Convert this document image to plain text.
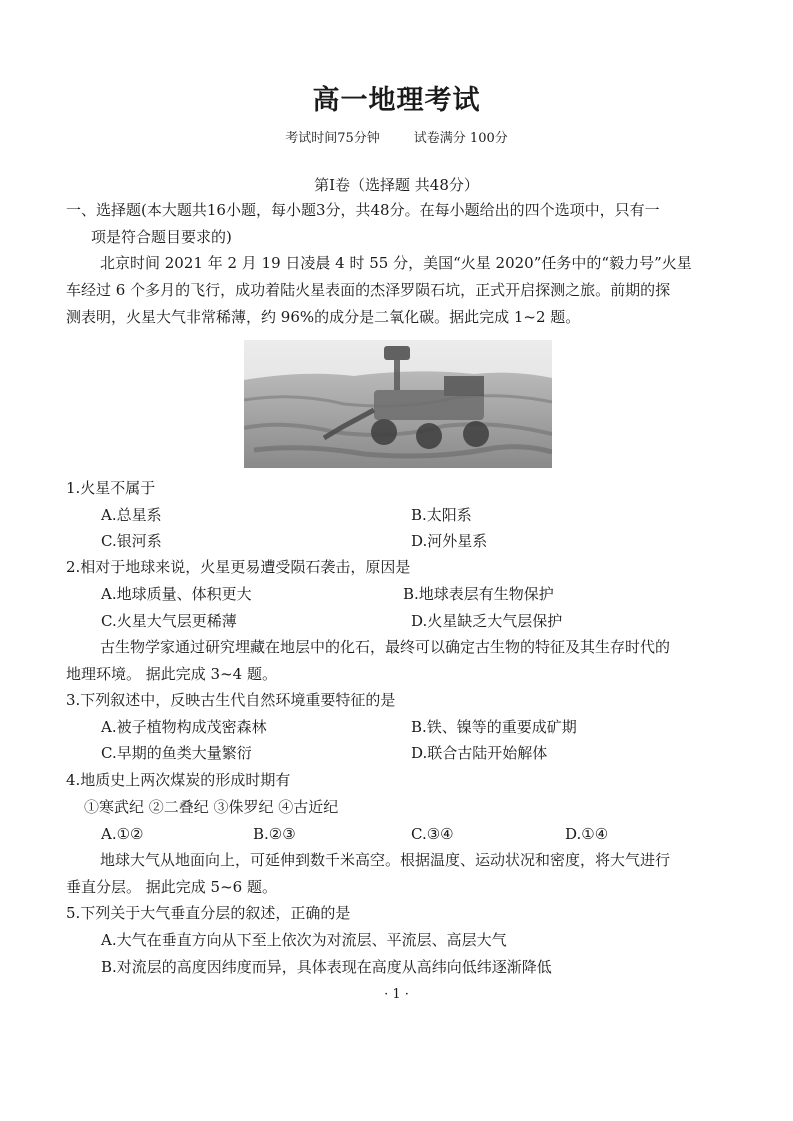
高一地理考试
考试时间75分钟	试卷满分 100分
第Ⅰ卷（选择题 共48分）
一、选择题(本大题共16小题，每小题3分，共48分。在每小题给出的四个选项中，只有一
项是符合题目要求的)
北京时间 2021 年 2 月 19 日凌晨 4 时 55 分，美国“火星 2020”任务中的“毅力号”火星
车经过 6 个多月的飞行，成功着陆火星表面的杰泽罗陨石坑，正式开启探测之旅。前期的探
测表明，火星大气非常稀薄，约 96%的成分是二氧化碳。据此完成 1~2 题。
1.火星不属于
A.总星系	B.太阳系
C.银河系	D.河外星系
2.相对于地球来说，火星更易遭受陨石袭击，原因是
A.地球质量、体积更大	B.地球表层有生物保护
C.火星大气层更稀薄	D.火星缺乏大气层保护
古生物学家通过研究埋藏在地层中的化石，最终可以确定古生物的特征及其生存时代的
地理环境。 据此完成 3~4 题。
3.下列叙述中，反映古生代自然环境重要特征的是
A.被子植物构成茂密森林	B.铁、镍等的重要成矿期
C.早期的鱼类大量繁衍	D.联合古陆开始解体
4.地质史上两次煤炭的形成时期有
①寒武纪 ②二叠纪 ③侏罗纪 ④古近纪
A.①②	B.②③	C.③④	D.①④
地球大气从地面向上，可延伸到数千米高空。根据温度、运动状况和密度，将大气进行
垂直分层。 据此完成 5~6 题。
5.下列关于大气垂直分层的叙述，正确的是
A.大气在垂直方向从下至上依次为对流层、平流层、高层大气
B.对流层的高度因纬度而异，具体表现在高度从高纬向低纬逐渐降低
· 1 ·
